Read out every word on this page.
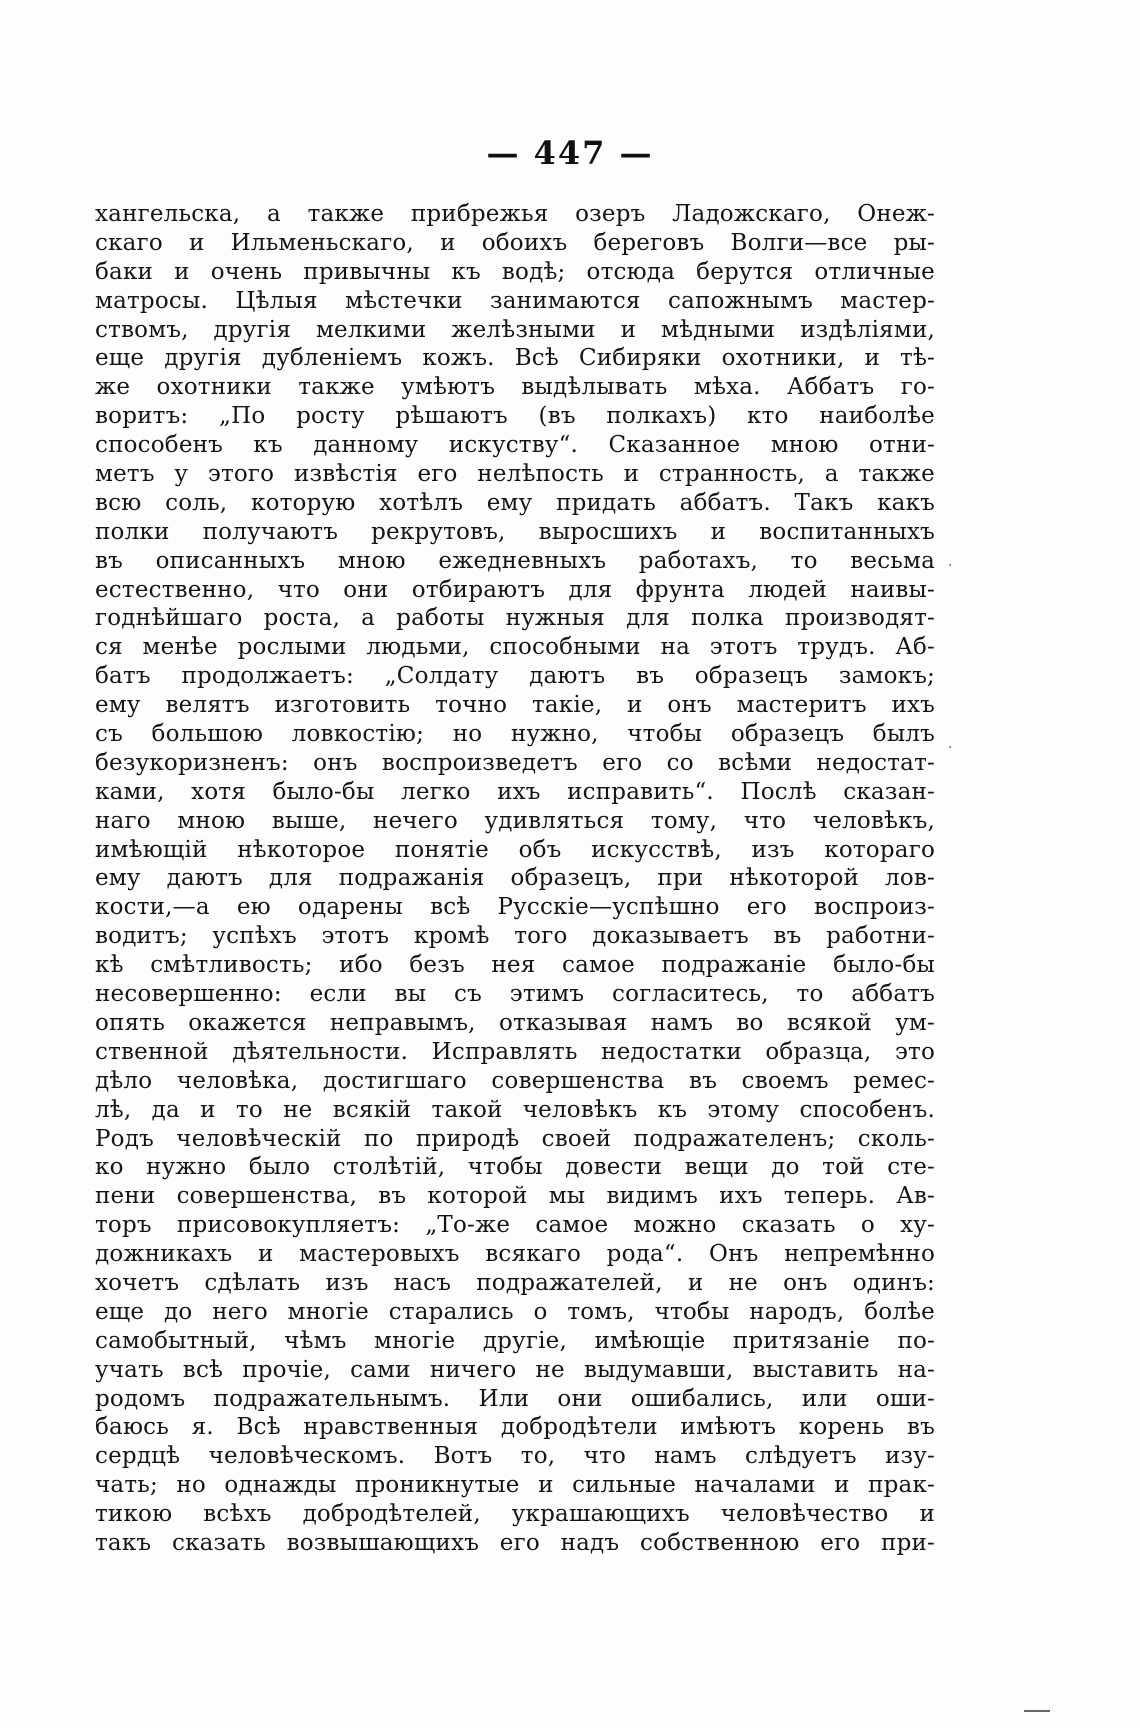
— 447 —
хангельска, а также прибрежья озеръ Ладожскаго, Онеж-
скаго и Ильменьскаго, и обоихъ береговъ Волги—все ры-
баки и очень привычны къ водѣ; отсюда берутся отличные
матросы. Цѣлыя мѣстечки занимаются сапожнымъ мастер-
ствомъ, другія мелкими желѣзными и мѣдными издѣліями,
еще другія дубленіемъ кожъ. Всѣ Сибиряки охотники, и тѣ-
же охотники также умѣютъ выдѣлывать мѣха. Аббатъ го-
воритъ: „По росту рѣшаютъ (въ полкахъ) кто наиболѣе
способенъ къ данному искуству“. Сказанное мною отни-
метъ у этого извѣстія его нелѣпость и странность, а также
всю соль, которую хотѣлъ ему придать аббатъ. Такъ какъ
полки получаютъ рекрутовъ, выросшихъ и воспитанныхъ
въ описанныхъ мною ежедневныхъ работахъ, то весьма
естественно, что они отбираютъ для фрунта людей наивы-
годнѣйшаго роста, а работы нужныя для полка производят-
ся менѣе рослыми людьми, способными на этотъ трудъ. Аб-
батъ продолжаетъ: „Солдату даютъ въ образецъ замокъ;
ему велятъ изготовить точно такіе, и онъ мастеритъ ихъ
съ большою ловкостію; но нужно, чтобы образецъ былъ
безукоризненъ: онъ воспроизведетъ его со всѣми недостат-
ками, хотя было-бы легко ихъ исправить“. Послѣ сказан-
наго мною выше, нечего удивляться тому, что человѣкъ,
имѣющій нѣкоторое понятіе объ искусствѣ, изъ котораго
ему даютъ для подражанія образецъ, при нѣкоторой лов-
кости,—а ею одарены всѣ Русскіе—успѣшно его воспроиз-
водитъ; успѣхъ этотъ кромѣ того доказываетъ въ работни-
кѣ смѣтливость; ибо безъ нея самое подражаніе было-бы
несовершенно: если вы съ этимъ согласитесь, то аббатъ
опять окажется неправымъ, отказывая намъ во всякой ум-
ственной дѣятельности. Исправлять недостатки образца, это
дѣло человѣка, достигшаго совершенства въ своемъ ремес-
лѣ, да и то не всякій такой человѣкъ къ этому способенъ.
Родъ человѣческій по природѣ своей подражателенъ; сколь-
ко нужно было столѣтій, чтобы довести вещи до той сте-
пени совершенства, въ которой мы видимъ ихъ теперь. Ав-
торъ присовокупляетъ: „То-же самое можно сказать о ху-
дожникахъ и мастеровыхъ всякаго рода“. Онъ непремѣнно
хочетъ сдѣлать изъ насъ подражателей, и не онъ одинъ:
еще до него многіе старались о томъ, чтобы народъ, болѣе
самобытный, чѣмъ многіе другіе, имѣющіе притязаніе по-
учать всѣ прочіе, сами ничего не выдумавши, выставить на-
родомъ подражательнымъ. Или они ошибались, или оши-
баюсь я. Всѣ нравственныя добродѣтели имѣютъ корень въ
сердцѣ человѣческомъ. Вотъ то, что намъ слѣдуетъ изу-
чать; но однажды проникнутые и сильные началами и прак-
тикою всѣхъ добродѣтелей, украшающихъ человѣчество и
такъ сказать возвышающихъ его надъ собственною его при-
·
·
